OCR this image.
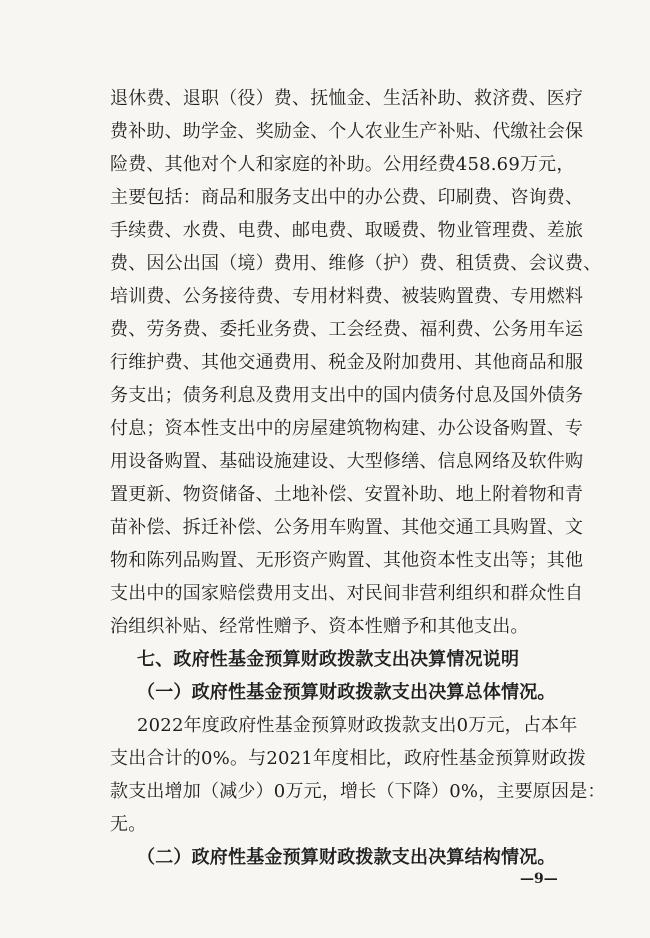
退休费、退职（役）费、抚恤金、生活补助、救济费、医疗
费补助、助学金、奖励金、个人农业生产补贴、代缴社会保
险费、其他对个人和家庭的补助。公用经费458.69万元，
主要包括：商品和服务支出中的办公费、印刷费、咨询费、
手续费、水费、电费、邮电费、取暖费、物业管理费、差旅
费、因公出国（境）费用、维修（护）费、租赁费、会议费、
培训费、公务接待费、专用材料费、被装购置费、专用燃料
费、劳务费、委托业务费、工会经费、福利费、公务用车运
行维护费、其他交通费用、税金及附加费用、其他商品和服
务支出；债务利息及费用支出中的国内债务付息及国外债务
付息；资本性支出中的房屋建筑物构建、办公设备购置、专
用设备购置、基础设施建设、大型修缮、信息网络及软件购
置更新、物资储备、土地补偿、安置补助、地上附着物和青
苗补偿、拆迁补偿、公务用车购置、其他交通工具购置、文
物和陈列品购置、无形资产购置、其他资本性支出等；其他
支出中的国家赔偿费用支出、对民间非营利组织和群众性自
治组织补贴、经常性赠予、资本性赠予和其他支出。
七、政府性基金预算财政拨款支出决算情况说明
（一）政府性基金预算财政拨款支出决算总体情况。
2022年度政府性基金预算财政拨款支出0万元，占本年
支出合计的0%。与2021年度相比，政府性基金预算财政拨
款支出增加（减少）0万元，增长（下降）0%，主要原因是：
无。
（二）政府性基金预算财政拨款支出决算结构情况。
—9—
